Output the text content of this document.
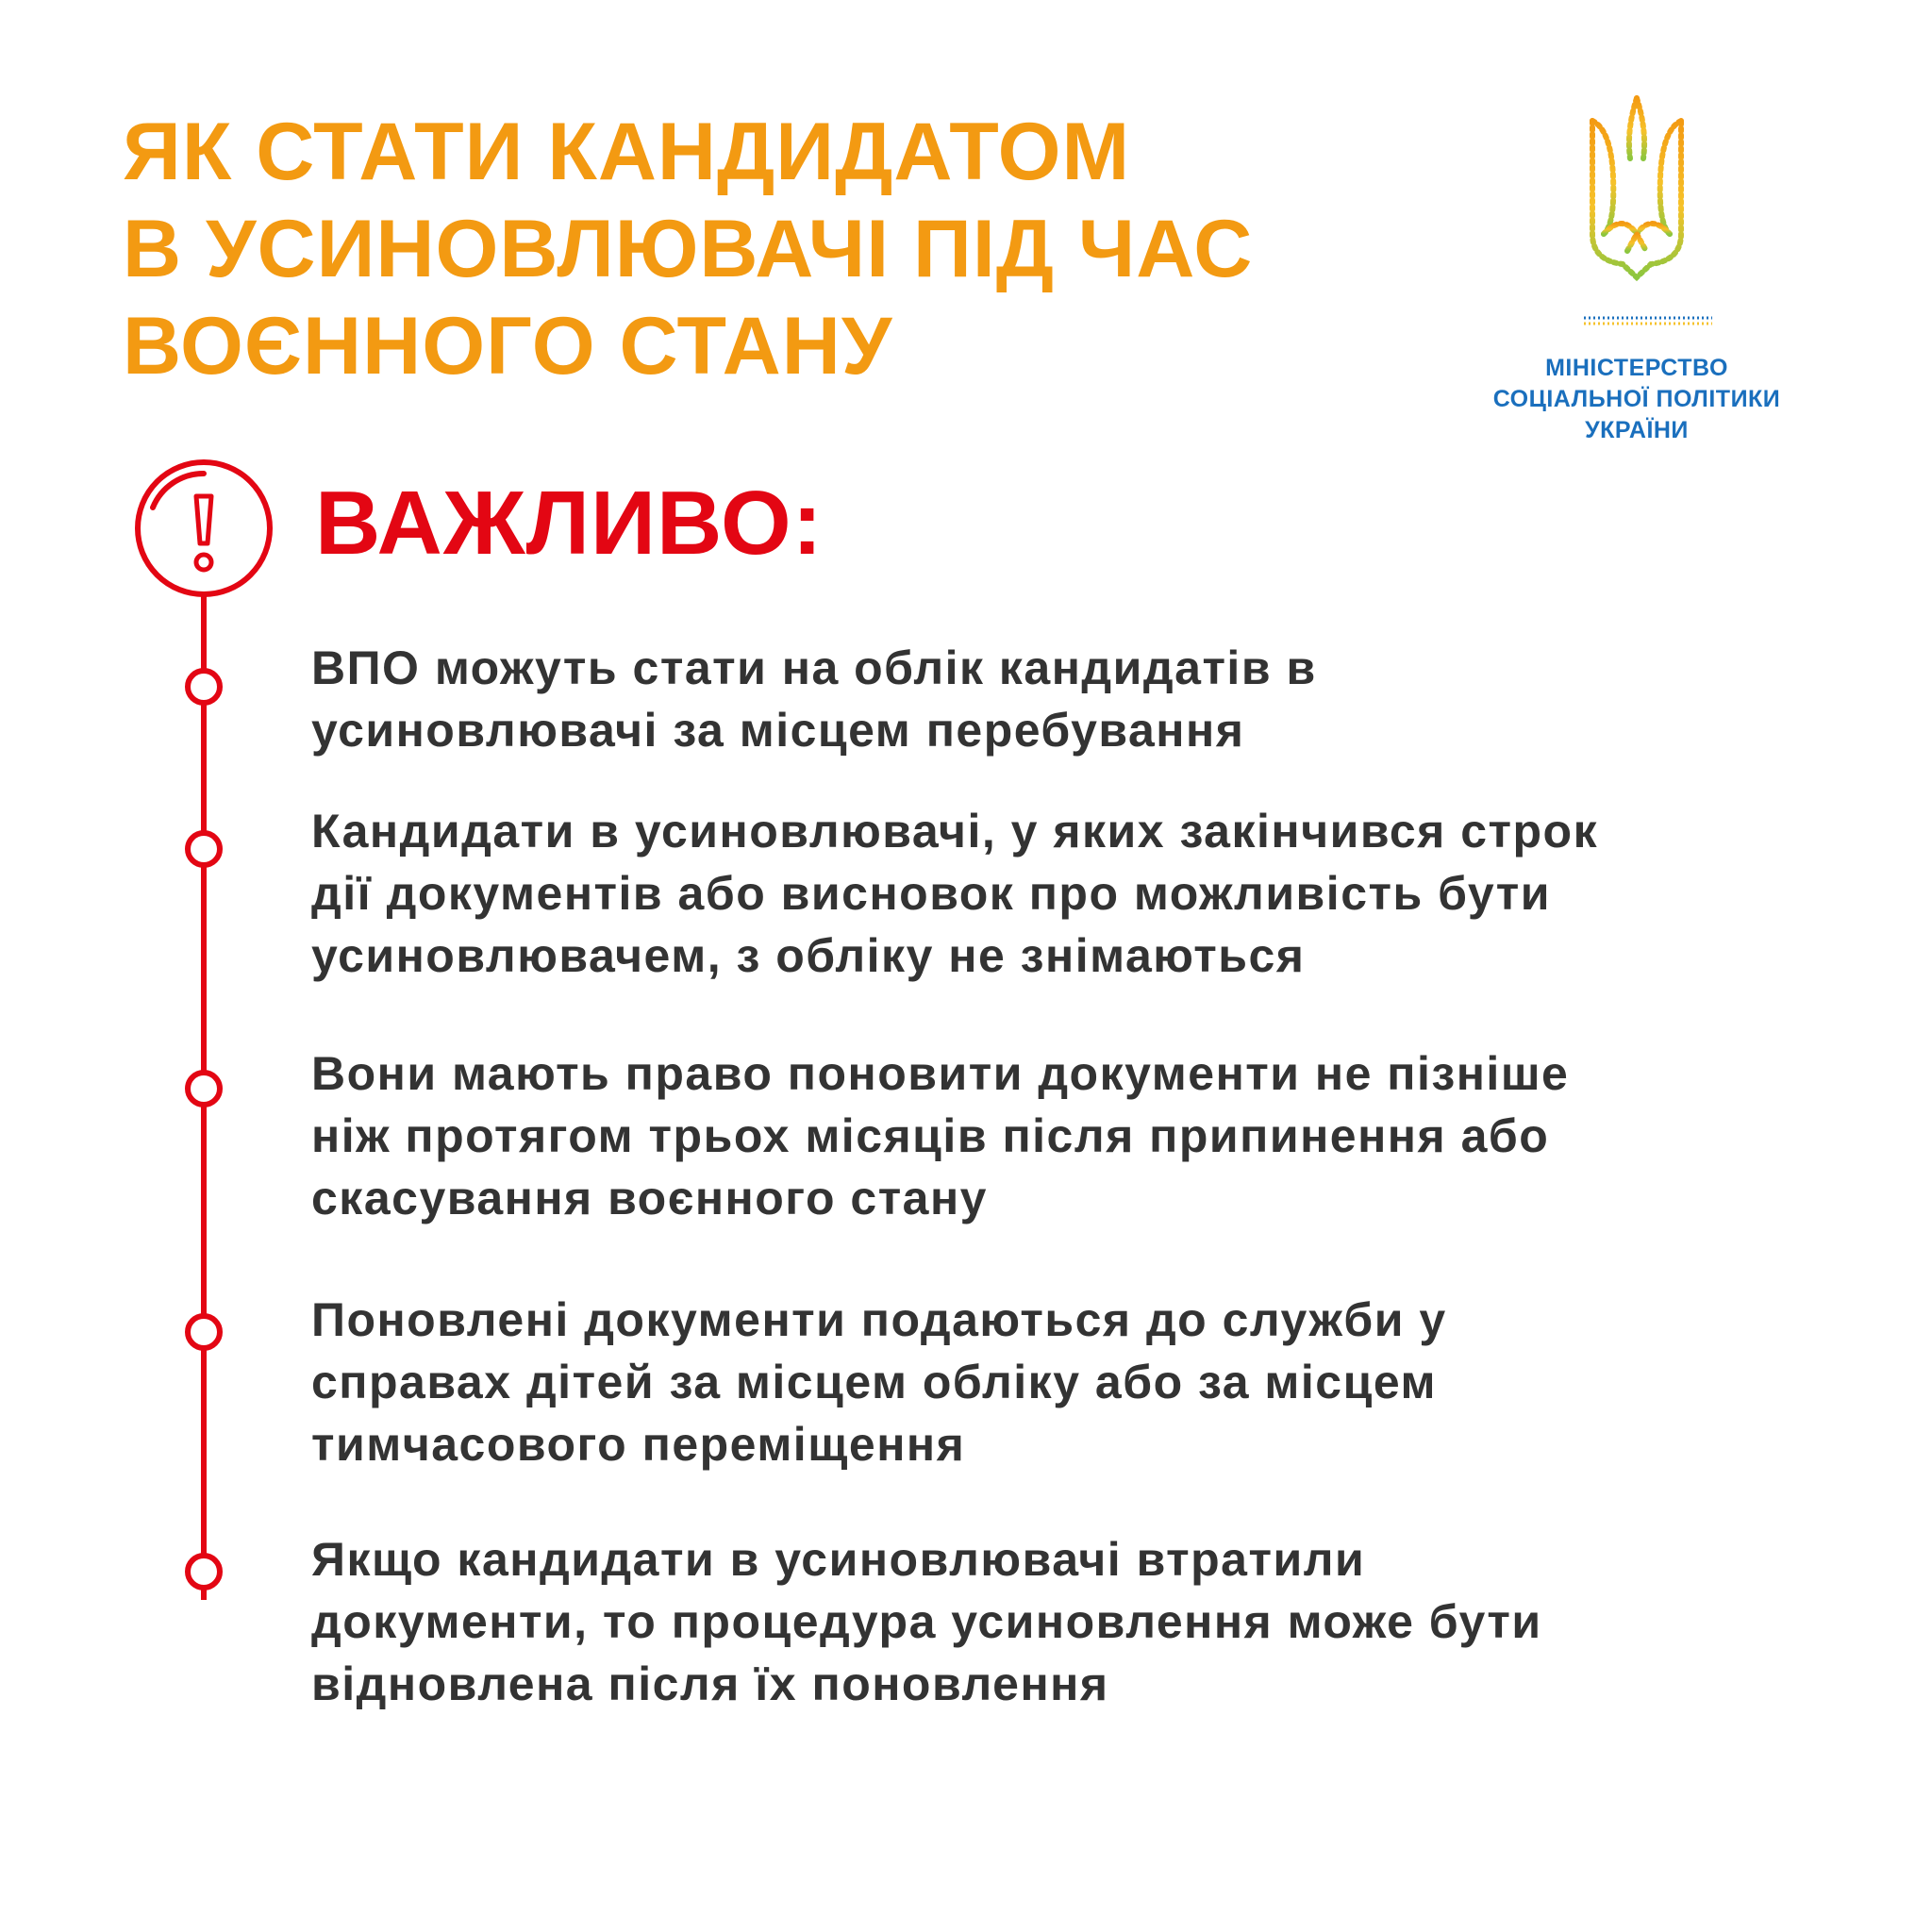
ЯК СТАТИ КАНДИДАТОМ
В УСИНОВЛЮВАЧІ ПІД ЧАС
ВОЄННОГО СТАНУ	МІНІСТЕРСТВО
СОЦІАЛЬНОЇ ПОЛІТИКИ
УКРАЇНИ
ВАЖЛИВО:
ВПО можуть стати на облік кандидатів в
усиновлювачі за місцем перебування
Кандидати в усиновлювачі, у яких закінчився строк
дії документів або висновок про можливість бути
усиновлювачем, з обліку не знімаються
Вони мають право поновити документи не пізніше
ніж протягом трьох місяців після припинення або
скасування воєнного стану
Поновлені документи подаються до служби у
справах дітей за місцем обліку або за місцем
тимчасового переміщення
Якщо кандидати в усиновлювачі втратили
документи, то процедура усиновлення може бути
відновлена після їх поновлення
